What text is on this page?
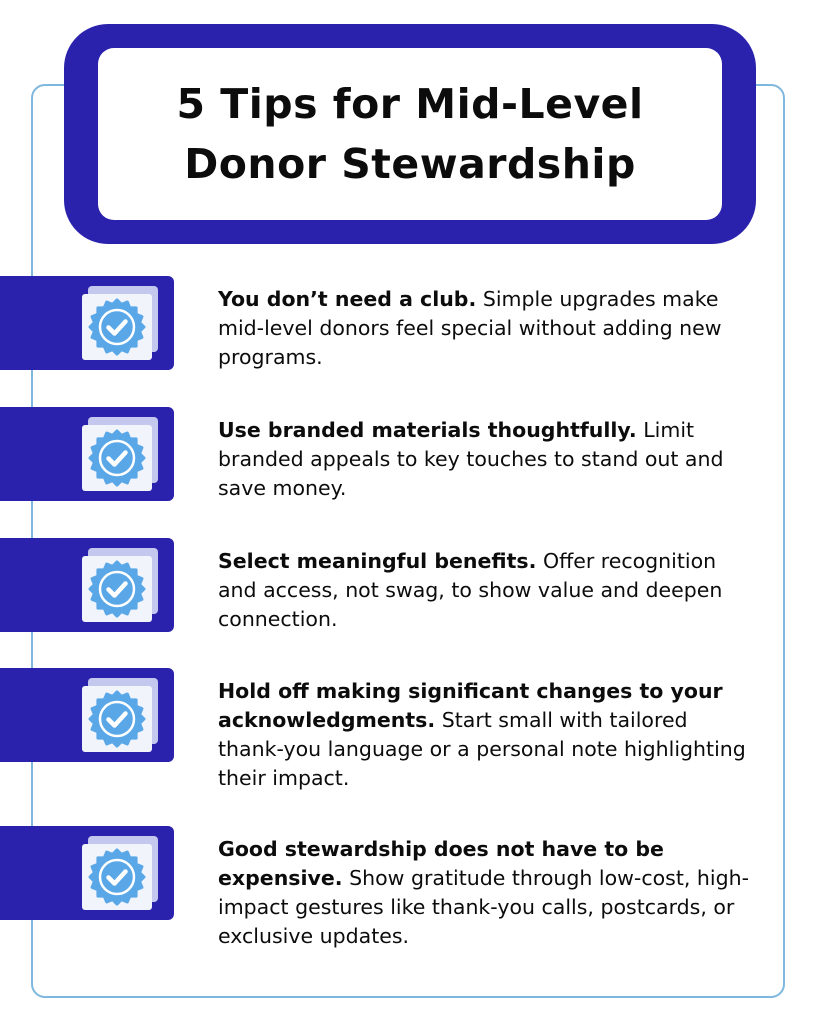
5 Tips for Mid-Level
Donor Stewardship
You don’t need a club. Simple upgrades make mid-level donors feel special without adding new programs.
Use branded materials thoughtfully. Limit branded appeals to key touches to stand out and save money.
Select meaningful benefits. Offer recognition and access, not swag, to show value and deepen connection.
Hold off making significant changes to your acknowledgments. Start small with tailored thank-you language or a personal note highlighting their impact.
Good stewardship does not have to be expensive. Show gratitude through low-cost, high-impact gestures like thank-you calls, postcards, or exclusive updates.
